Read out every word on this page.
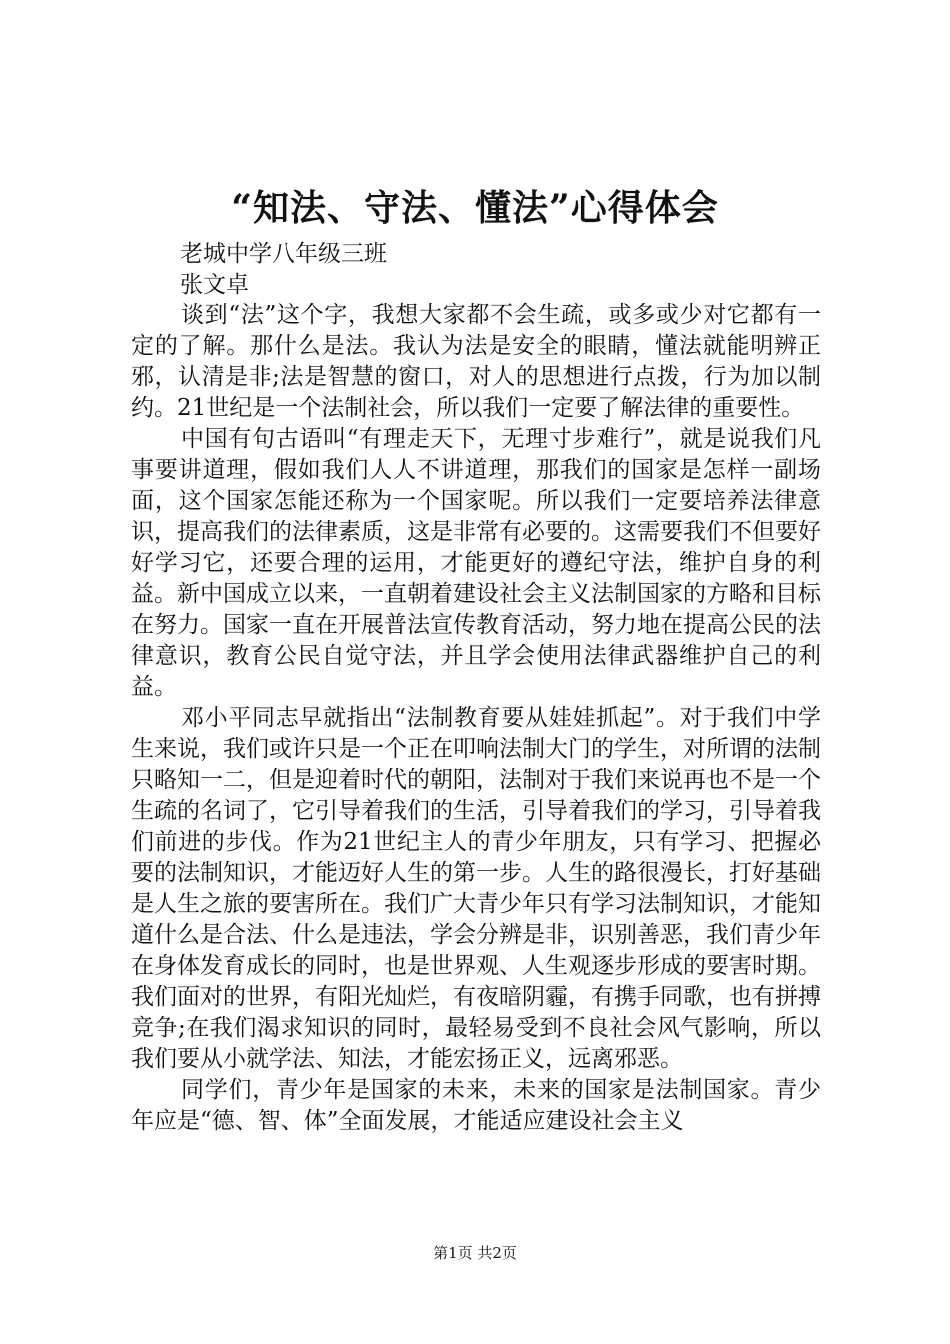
“知法、守法、懂法”心得体会
老城中学八年级三班
张文卓

谈到“法”这个字，我想大家都不会生疏，或多或少对它都有一定的了解。那什么是法。我认为法是安全的眼睛，懂法就能明辨正邪，认清是非;法是智慧的窗口，对人的思想进行点拨，行为加以制约。21世纪是一个法制社会，所以我们一定要了解法律的重要性。

中国有句古语叫“有理走天下，无理寸步难行”，就是说我们凡事要讲道理，假如我们人人不讲道理，那我们的国家是怎样一副场面，这个国家怎能还称为一个国家呢。所以我们一定要培养法律意识，提高我们的法律素质，这是非常有必要的。这需要我们不但要好好学习它，还要合理的运用，才能更好的遵纪守法，维护自身的利益。新中国成立以来，一直朝着建设社会主义法制国家的方略和目标在努力。国家一直在开展普法宣传教育活动，努力地在提高公民的法律意识，教育公民自觉守法，并且学会使用法律武器维护自己的利益。

邓小平同志早就指出“法制教育要从娃娃抓起”。对于我们中学生来说，我们或许只是一个正在叩响法制大门的学生，对所谓的法制只略知一二，但是迎着时代的朝阳，法制对于我们来说再也不是一个生疏的名词了，它引导着我们的生活，引导着我们的学习，引导着我们前进的步伐。作为21世纪主人的青少年朋友，只有学习、把握必要的法制知识，才能迈好人生的第一步。人生的路很漫长，打好基础是人生之旅的要害所在。我们广大青少年只有学习法制知识，才能知道什么是合法、什么是违法，学会分辨是非，识别善恶，我们青少年在身体发育成长的同时，也是世界观、人生观逐步形成的要害时期。我们面对的世界，有阳光灿烂，有夜暗阴霾，有携手同歌，也有拼搏竞争;在我们渴求知识的同时，最轻易受到不良社会风气影响，所以我们要从小就学法、知法，才能宏扬正义，远离邪恶。

同学们，青少年是国家的未来，未来的国家是法制国家。青少年应是“德、智、体”全面发展，才能适应建设社会主义

第1页 共2页
